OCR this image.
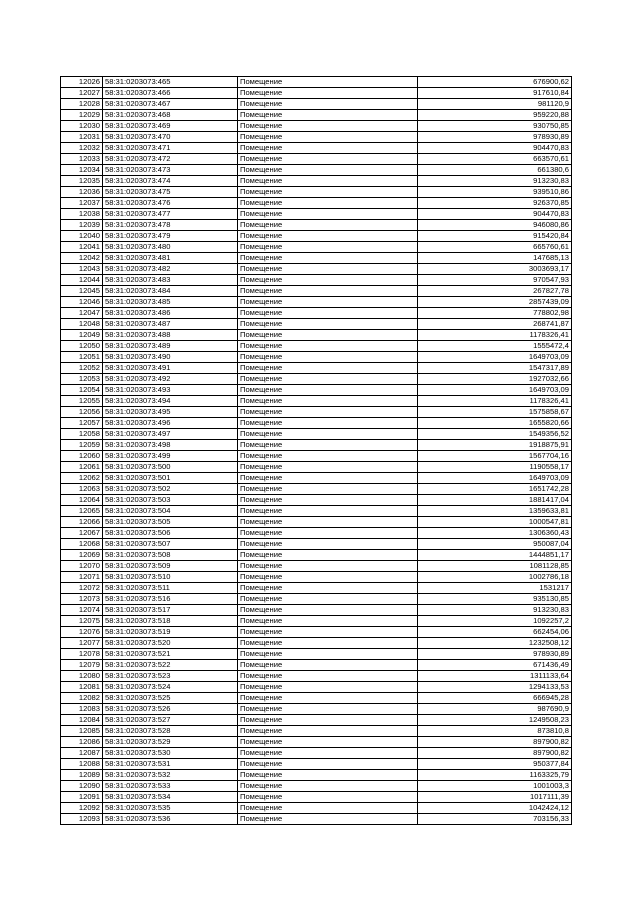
12026	58:31:0203073:465	Помещение	676900,62
12027	58:31:0203073:466	Помещение	917610,84
12028	58:31:0203073:467	Помещение	981120,9
12029	58:31:0203073:468	Помещение	959220,88
12030	58:31:0203073:469	Помещение	930750,85
12031	58:31:0203073:470	Помещение	978930,89
12032	58:31:0203073:471	Помещение	904470,83
12033	58:31:0203073:472	Помещение	663570,61
12034	58:31:0203073:473	Помещение	661380,6
12035	58:31:0203073:474	Помещение	913230,83
12036	58:31:0203073:475	Помещение	939510,86
12037	58:31:0203073:476	Помещение	926370,85
12038	58:31:0203073:477	Помещение	904470,83
12039	58:31:0203073:478	Помещение	946080,86
12040	58:31:0203073:479	Помещение	915420,84
12041	58:31:0203073:480	Помещение	665760,61
12042	58:31:0203073:481	Помещение	147685,13
12043	58:31:0203073:482	Помещение	3003693,17
12044	58:31:0203073:483	Помещение	970547,93
12045	58:31:0203073:484	Помещение	267827,78
12046	58:31:0203073:485	Помещение	2857439,09
12047	58:31:0203073:486	Помещение	778802,98
12048	58:31:0203073:487	Помещение	268741,87
12049	58:31:0203073:488	Помещение	1178326,41
12050	58:31:0203073:489	Помещение	1555472,4
12051	58:31:0203073:490	Помещение	1649703,09
12052	58:31:0203073:491	Помещение	1547317,89
12053	58:31:0203073:492	Помещение	1927032,66
12054	58:31:0203073:493	Помещение	1649703,09
12055	58:31:0203073:494	Помещение	1178326,41
12056	58:31:0203073:495	Помещение	1575858,67
12057	58:31:0203073:496	Помещение	1655820,66
12058	58:31:0203073:497	Помещение	1549356,52
12059	58:31:0203073:498	Помещение	1918875,91
12060	58:31:0203073:499	Помещение	1567704,16
12061	58:31:0203073:500	Помещение	1190558,17
12062	58:31:0203073:501	Помещение	1649703,09
12063	58:31:0203073:502	Помещение	1651742,28
12064	58:31:0203073:503	Помещение	1881417,04
12065	58:31:0203073:504	Помещение	1359633,81
12066	58:31:0203073:505	Помещение	1000547,81
12067	58:31:0203073:506	Помещение	1306360,43
12068	58:31:0203073:507	Помещение	950087,04
12069	58:31:0203073:508	Помещение	1444851,17
12070	58:31:0203073:509	Помещение	1081128,85
12071	58:31:0203073:510	Помещение	1002786,18
12072	58:31:0203073:511	Помещение	1531217
12073	58:31:0203073:516	Помещение	935130,85
12074	58:31:0203073:517	Помещение	913230,83
12075	58:31:0203073:518	Помещение	1092257,2
12076	58:31:0203073:519	Помещение	662454,06
12077	58:31:0203073:520	Помещение	1232508,12
12078	58:31:0203073:521	Помещение	978930,89
12079	58:31:0203073:522	Помещение	671436,49
12080	58:31:0203073:523	Помещение	1311133,64
12081	58:31:0203073:524	Помещение	1294133,53
12082	58:31:0203073:525	Помещение	666945,28
12083	58:31:0203073:526	Помещение	987690,9
12084	58:31:0203073:527	Помещение	1249508,23
12085	58:31:0203073:528	Помещение	873810,8
12086	58:31:0203073:529	Помещение	897900,82
12087	58:31:0203073:530	Помещение	897900,82
12088	58:31:0203073:531	Помещение	950377,84
12089	58:31:0203073:532	Помещение	1163325,79
12090	58:31:0203073:533	Помещение	1001003,3
12091	58:31:0203073:534	Помещение	1017111,39
12092	58:31:0203073:535	Помещение	1042424,12
12093	58:31:0203073:536	Помещение	703156,33
